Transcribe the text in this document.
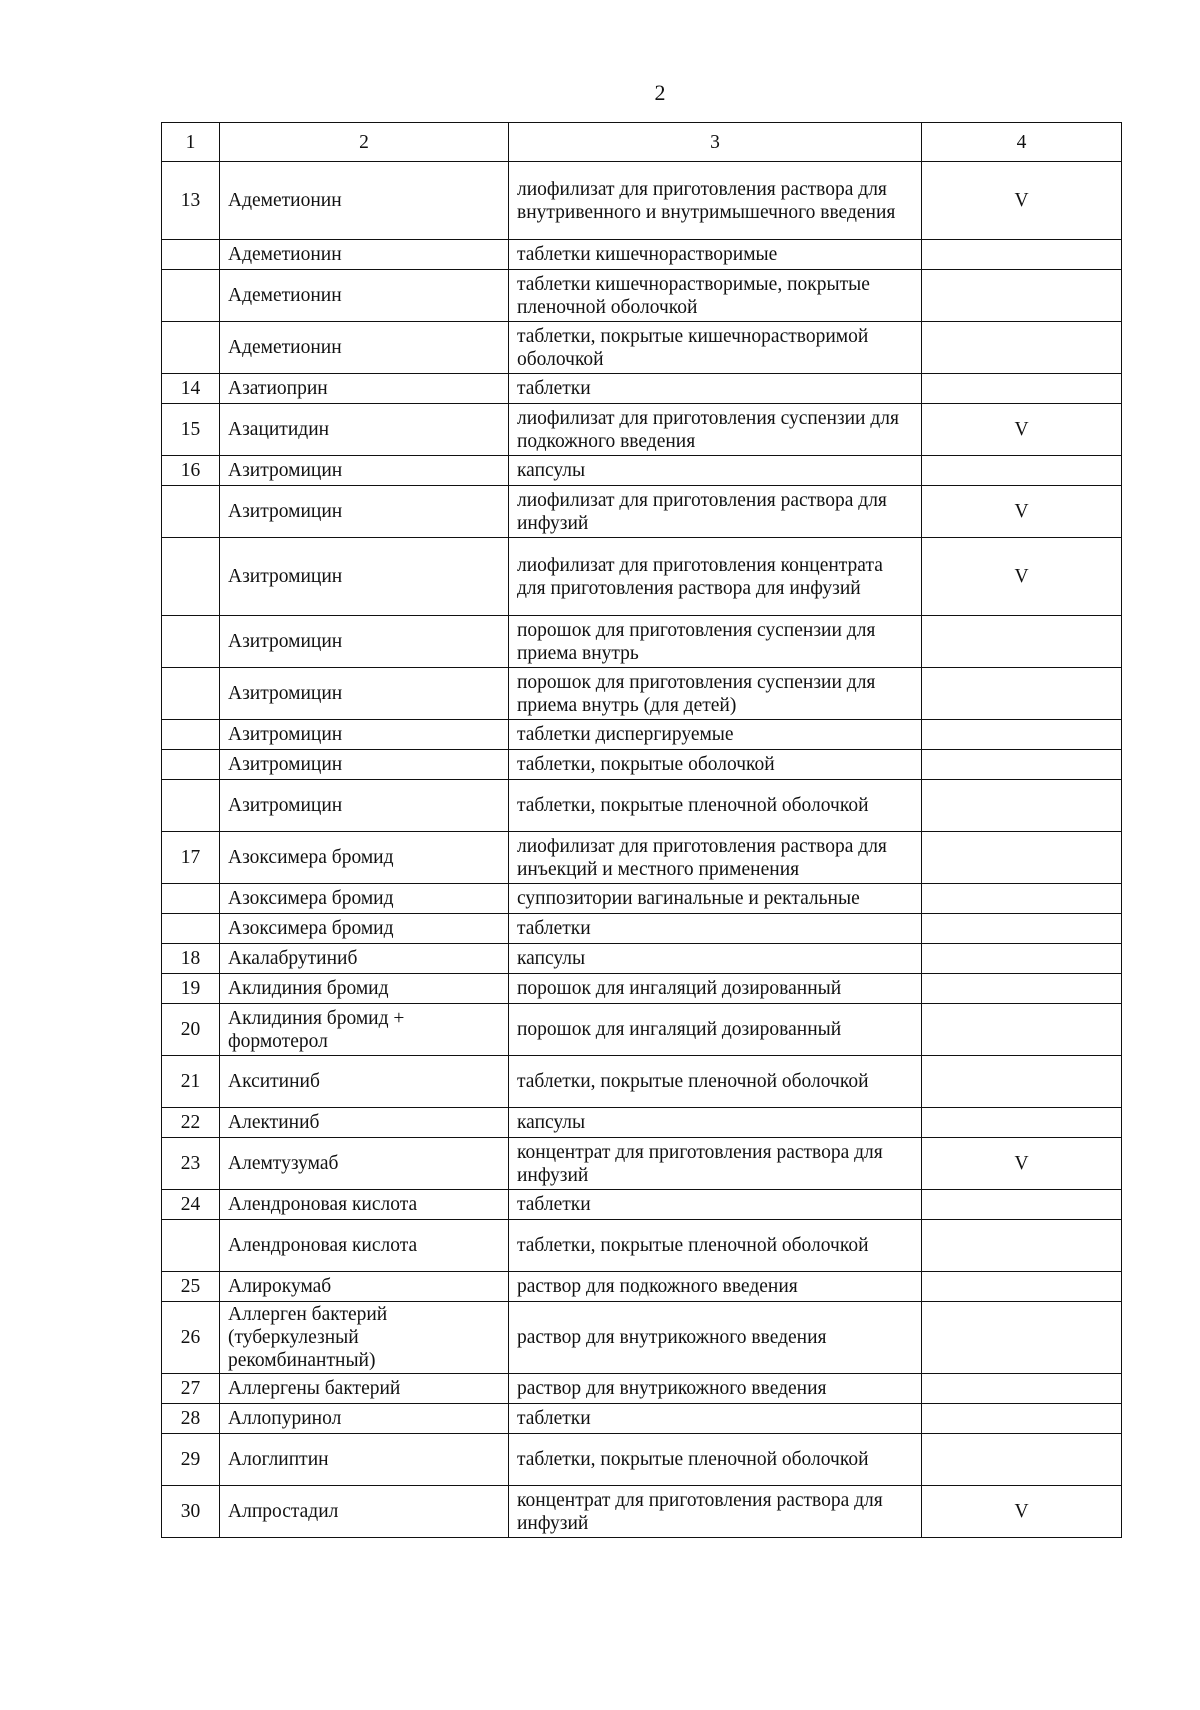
2
1	2	3	4
13	Адеметионин	лиофилизат для приготовления раствора для внутривенного и внутримышечного введения	V
	Адеметионин	таблетки кишечнорастворимые	
	Адеметионин	таблетки кишечнорастворимые, покрытые пленочной оболочкой	
	Адеметионин	таблетки, покрытые кишечнорастворимой оболочкой	
14	Азатиоприн	таблетки	
15	Азацитидин	лиофилизат для приготовления суспензии для подкожного введения	V
16	Азитромицин	капсулы	
	Азитромицин	лиофилизат для приготовления раствора для инфузий	V
	Азитромицин	лиофилизат для приготовления концентрата для приготовления раствора для инфузий	V
	Азитромицин	порошок для приготовления суспензии для приема внутрь	
	Азитромицин	порошок для приготовления суспензии для приема внутрь (для детей)	
	Азитромицин	таблетки диспергируемые	
	Азитромицин	таблетки, покрытые оболочкой	
	Азитромицин	таблетки, покрытые пленочной оболочкой	
17	Азоксимера бромид	лиофилизат для приготовления раствора для инъекций и местного применения	
	Азоксимера бромид	суппозитории вагинальные и ректальные	
	Азоксимера бромид	таблетки	
18	Акалабрутиниб	капсулы	
19	Аклидиния бромид	порошок для ингаляций дозированный	
20	Аклидиния бромид + формотерол	порошок для ингаляций дозированный	
21	Акситиниб	таблетки, покрытые пленочной оболочкой	
22	Алектиниб	капсулы	
23	Алемтузумаб	концентрат для приготовления раствора для инфузий	V
24	Алендроновая кислота	таблетки	
	Алендроновая кислота	таблетки, покрытые пленочной оболочкой	
25	Алирокумаб	раствор для подкожного введения	
26	Аллерген бактерий (туберкулезный рекомбинантный)	раствор для внутрикожного введения	
27	Аллергены бактерий	раствор для внутрикожного введения	
28	Аллопуринол	таблетки	
29	Алоглиптин	таблетки, покрытые пленочной оболочкой	
30	Алпростадил	концентрат для приготовления раствора для инфузий	V
